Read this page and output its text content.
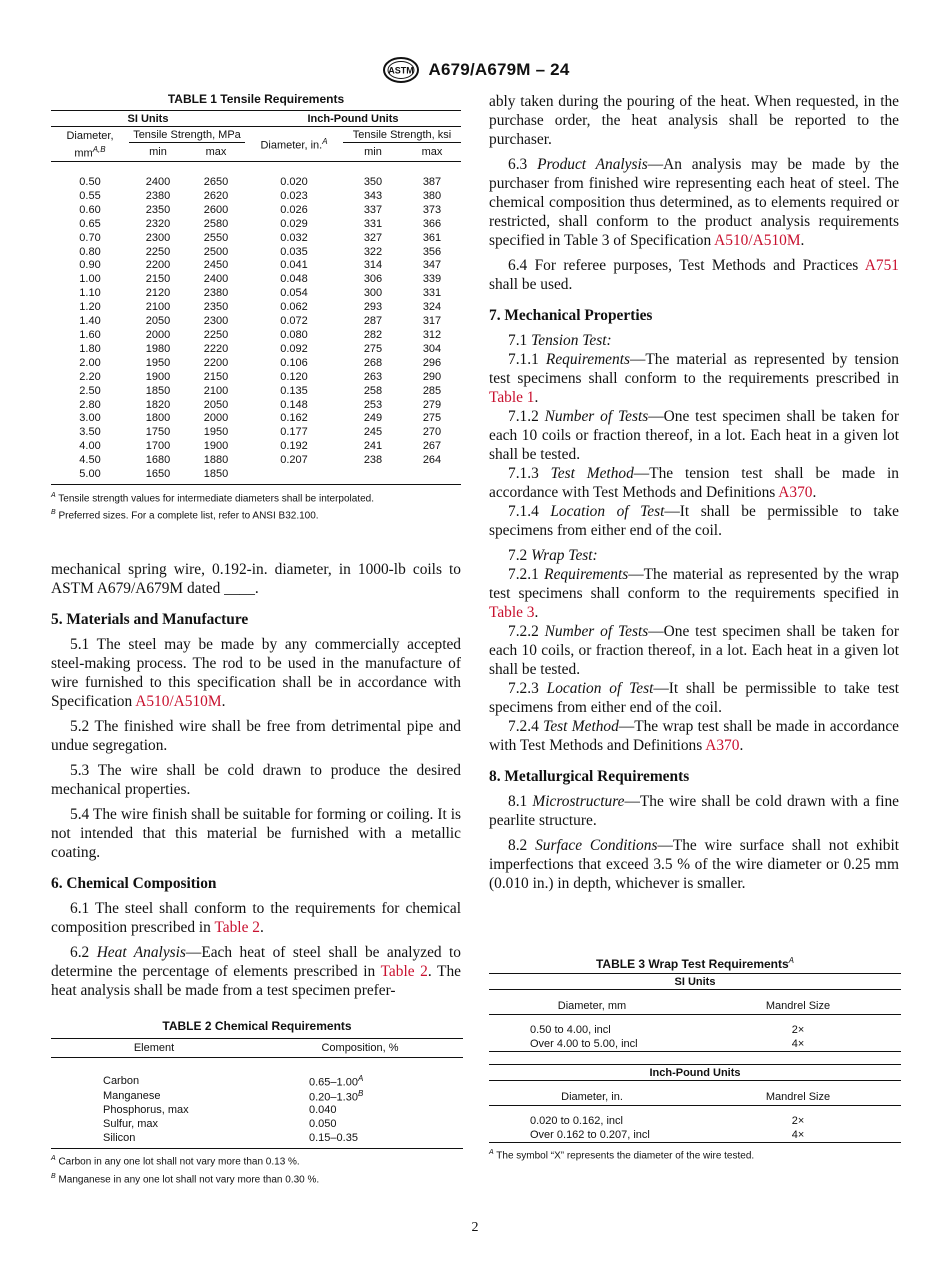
ASTM A679/A679M – 24

TABLE 1 Tensile Requirements

SI Units			Inch-Pound Units		
Diameter, $mm^{A,B}$	Tensile Strength, MPa		Diameter, in.$^A$	Tensile Strength, ksi	
	min	max		min	max

0.50	2400	2650	0.020	350	387
0.55	2380	2620	0.023	343	380
0.60	2350	2600	0.026	337	373
0.65	2320	2580	0.029	331	366
0.70	2300	2550	0.032	327	361
0.80	2250	2500	0.035	322	356
0.90	2200	2450	0.041	314	347
1.00	2150	2400	0.048	306	339
1.10	2120	2380	0.054	300	331
1.20	2100	2350	0.062	293	324
1.40	2050	2300	0.072	287	317
1.60	2000	2250	0.080	282	312
1.80	1980	2220	0.092	275	304
2.00	1950	2200	0.106	268	296
2.20	1900	2150	0.120	263	290
2.50	1850	2100	0.135	258	285
2.80	1820	2050	0.148	253	279
3.00	1800	2000	0.162	249	275
3.50	1750	1950	0.177	245	270
4.00	1700	1900	0.192	241	267
4.50	1680	1880	0.207	238	264
5.00	1650	1850			

$^A$ Tensile strength values for intermediate diameters shall be interpolated.

$^B$ Preferred sizes. For a complete list, refer to ANSI B32.100.

mechanical spring wire, 0.192-in. diameter, in 1000-lb coils to ASTM A679/A679M dated ____.

5. Materials and Manufacture

5.1 The steel may be made by any commercially accepted steel-making process. The rod to be used in the manufacture of wire furnished to this specification shall be in accordance with Specification A510/A510M.

5.2 The finished wire shall be free from detrimental pipe and undue segregation.

5.3 The wire shall be cold drawn to produce the desired mechanical properties.

5.4 The wire finish shall be suitable for forming or coiling. It is not intended that this material be furnished with a metallic coating.

6. Chemical Composition

6.1 The steel shall conform to the requirements for chemical composition prescribed in Table 2.

6.2 Heat Analysis—Each heat of steel shall be analyzed to determine the percentage of elements prescribed in Table 2. The heat analysis shall be made from a test specimen prefer-

TABLE 2 Chemical Requirements

Element	Composition, %

Carbon	$0.65-1.00^A$
Manganese	$0.20-1.30^B$
Phosphorus, max	0.040
Sulfur, max	0.050
Silicon	0.15–0.35

$^A$ Carbon in any one lot shall not vary more than 0.13 %.

$^B$ Manganese in any one lot shall not vary more than 0.30 %.

ably taken during the pouring of the heat. When requested, in the purchase order, the heat analysis shall be reported to the purchaser.

6.3 Product Analysis—An analysis may be made by the purchaser from finished wire representing each heat of steel. The chemical composition thus determined, as to elements required or restricted, shall conform to the product analysis requirements specified in Table 3 of Specification A510/A510M.

6.4 For referee purposes, Test Methods and Practices A751 shall be used.

7. Mechanical Properties

7.1 Tension Test:

7.1.1 Requirements—The material as represented by tension test specimens shall conform to the requirements prescribed in Table 1.

7.1.2 Number of Tests—One test specimen shall be taken for each 10 coils or fraction thereof, in a lot. Each heat in a given lot shall be tested.

7.1.3 Test Method—The tension test shall be made in accordance with Test Methods and Definitions A370.

7.1.4 Location of Test—It shall be permissible to take specimens from either end of the coil.

7.2 Wrap Test:

7.2.1 Requirements—The material as represented by the wrap test specimens shall conform to the requirements specified in Table 3.

7.2.2 Number of Tests—One test specimen shall be taken for each 10 coils, or fraction thereof, in a lot. Each heat in a given lot shall be tested.

7.2.3 Location of Test—It shall be permissible to take test specimens from either end of the coil.

7.2.4 Test Method—The wrap test shall be made in accordance with Test Methods and Definitions A370.

8. Metallurgical Requirements

8.1 Microstructure—The wire shall be cold drawn with a fine pearlite structure.

8.2 Surface Conditions—The wire surface shall not exhibit imperfections that exceed 3.5 % of the wire diameter or 0.25 mm (0.010 in.) in depth, whichever is smaller.

TABLE 3 Wrap Test Requirements$^A$

SI Units	

Diameter, mm	Mandrel Size

0.50 to 4.00, incl	2×
Over 4.00 to 5.00, incl	4×

Inch-Pound Units	

Diameter, in.	Mandrel Size

0.020 to 0.162, incl	2×
Over 0.162 to 0.207, incl	4×

$^A$ The symbol “X” represents the diameter of the wire tested.

2
